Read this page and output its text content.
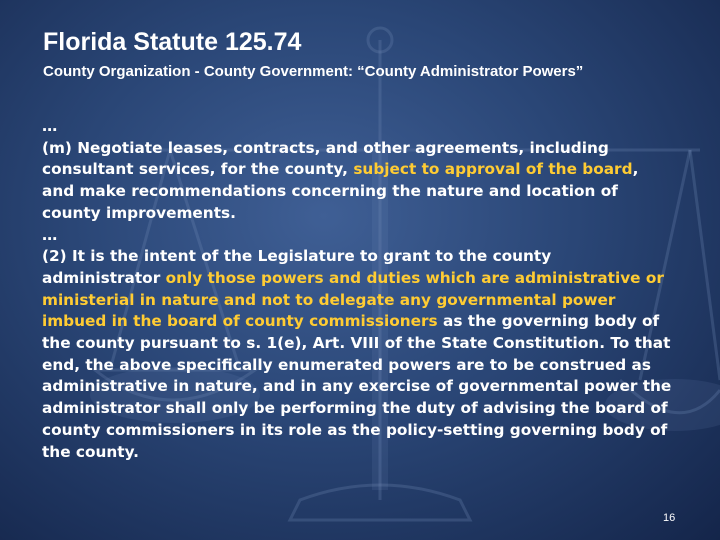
Florida Statute 125.74
County Organization - County Government: “County Administrator Powers”

…

(m) Negotiate leases, contracts, and other agreements, including consultant services, for the county, subject to approval of the board, and make recommendations concerning the nature and location of county improvements.

…

(2) It is the intent of the Legislature to grant to the county administrator only those powers and duties which are administrative or ministerial in nature and not to delegate any governmental power imbued in the board of county commissioners as the governing body of the county pursuant to s. 1(e), Art. VIII of the State Constitution. To that end, the above specifically enumerated powers are to be construed as administrative in nature, and in any exercise of governmental power the administrator shall only be performing the duty of advising the board of county commissioners in its role as the policy-setting governing body of the county.

16
